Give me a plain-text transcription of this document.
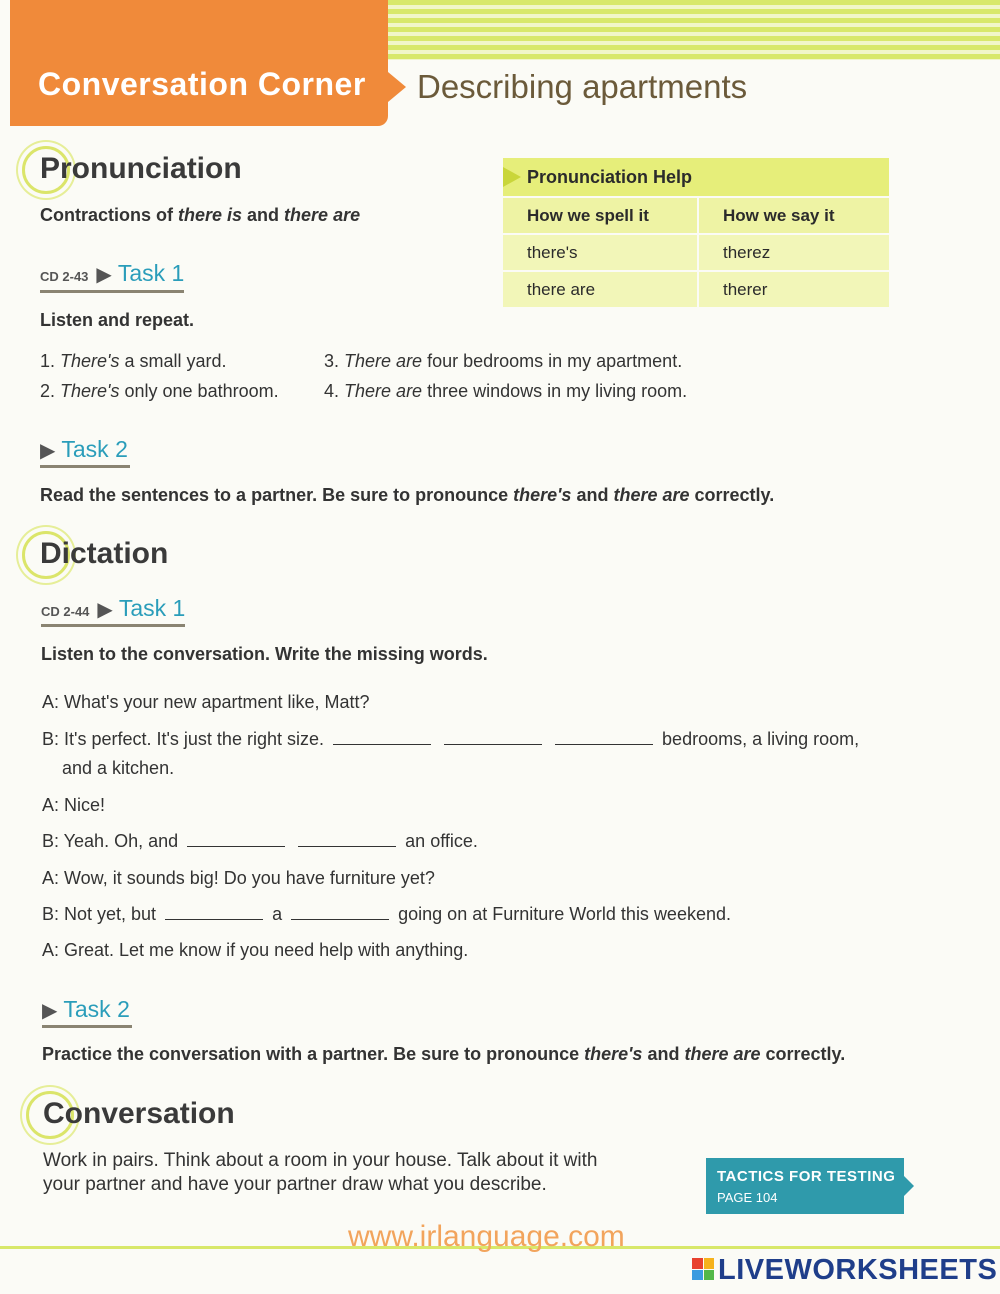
Conversation Corner Describing apartments
Pronunciation
Contractions of there is and there are
CD 2-43 ▶ Task 1
Listen and repeat.
1. There's a small yard.
2. There's only one bathroom.
3. There are four bedrooms in my apartment.
4. There are three windows in my living room.
▶ Task 2
Read the sentences to a partner. Be sure to pronounce there's and there are correctly.
Pronunciation Help
How we spell it	How we say it
there's	therez
there are	therer
Dictation
CD 2-44 ▶ Task 1
Listen to the conversation. Write the missing words.
A: What's your new apartment like, Matt?
B: It's perfect. It's just the right size.	bedrooms, a living room,
and a kitchen.
A: Nice!
B: Yeah. Oh, and	an office.
A: Wow, it sounds big! Do you have furniture yet?
B: Not yet, but	a	going on at Furniture World this weekend.
A: Great. Let me know if you need help with anything.
▶ Task 2
Practice the conversation with a partner. Be sure to pronounce there's and there are correctly.
Conversation
Work in pairs. Think about a room in your house. Talk about it with
your partner and have your partner draw what you describe.	TACTICS FOR TESTING
PAGE 104
www.irlanguage.com
LIVEWORKSHEETS
